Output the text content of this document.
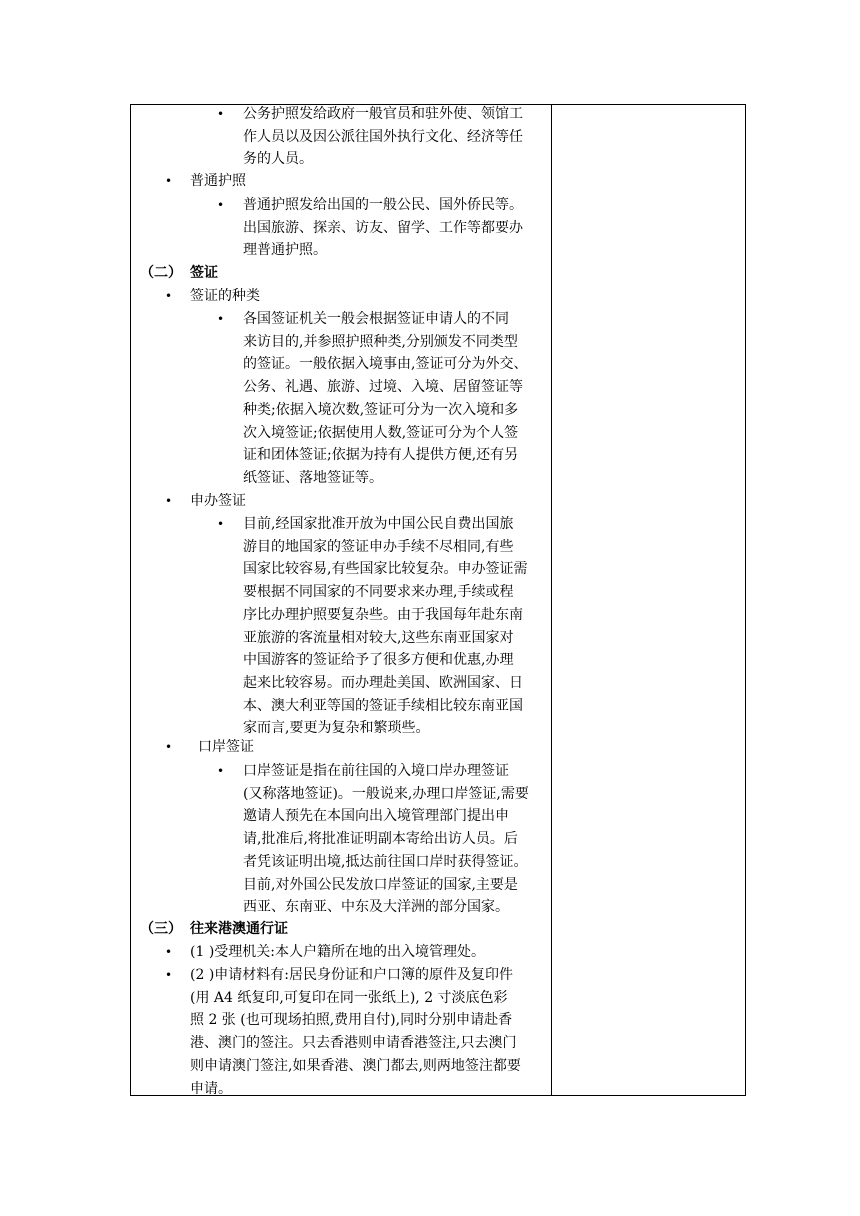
• 公务护照发给政府一般官员和驻外使、领馆工
作人员以及因公派往国外执行文化、经济等任
务的人员。
• 普通护照
• 普通护照发给出国的一般公民、国外侨民等。
出国旅游、探亲、访友、留学、工作等都要办
理普通护照。
（二） 签证
• 签证的种类
• 各国签证机关一般会根据签证申请人的不同
来访目的,并参照护照种类,分别颁发不同类型
的签证。一般依据入境事由,签证可分为外交、
公务、礼遇、旅游、过境、入境、居留签证等
种类;依据入境次数,签证可分为一次入境和多
次入境签证;依据使用人数,签证可分为个人签
证和团体签证;依据为持有人提供方便,还有另
纸签证、落地签证等。
• 申办签证
• 目前,经国家批准开放为中国公民自费出国旅
游目的地国家的签证申办手续不尽相同,有些
国家比较容易,有些国家比较复杂。申办签证需
要根据不同国家的不同要求来办理,手续或程
序比办理护照要复杂些。由于我国每年赴东南
亚旅游的客流量相对较大,这些东南亚国家对
中国游客的签证给予了很多方便和优惠,办理
起来比较容易。而办理赴美国、欧洲国家、日
本、澳大利亚等国的签证手续相比较东南亚国
家而言,要更为复杂和繁琐些。
• 口岸签证
• 口岸签证是指在前往国的入境口岸办理签证
(又称落地签证)。一般说来,办理口岸签证,需要
邀请人预先在本国向出入境管理部门提出申
请,批准后,将批准证明副本寄给出访人员。后
者凭该证明出境,抵达前往国口岸时获得签证。
目前,对外国公民发放口岸签证的国家,主要是
西亚、东南亚、中东及大洋洲的部分国家。
（三） 往来港澳通行证
• (1 )受理机关:本人户籍所在地的出入境管理处。
• (2 )申请材料有:居民身份证和户口簿的原件及复印件
(用 A4 纸复印,可复印在同一张纸上), 2 寸淡底色彩
照 2 张 (也可现场拍照,费用自付),同时分别申请赴香
港、澳门的签注。只去香港则申请香港签注,只去澳门
则申请澳门签注,如果香港、澳门都去,则两地签注都要
申请。
